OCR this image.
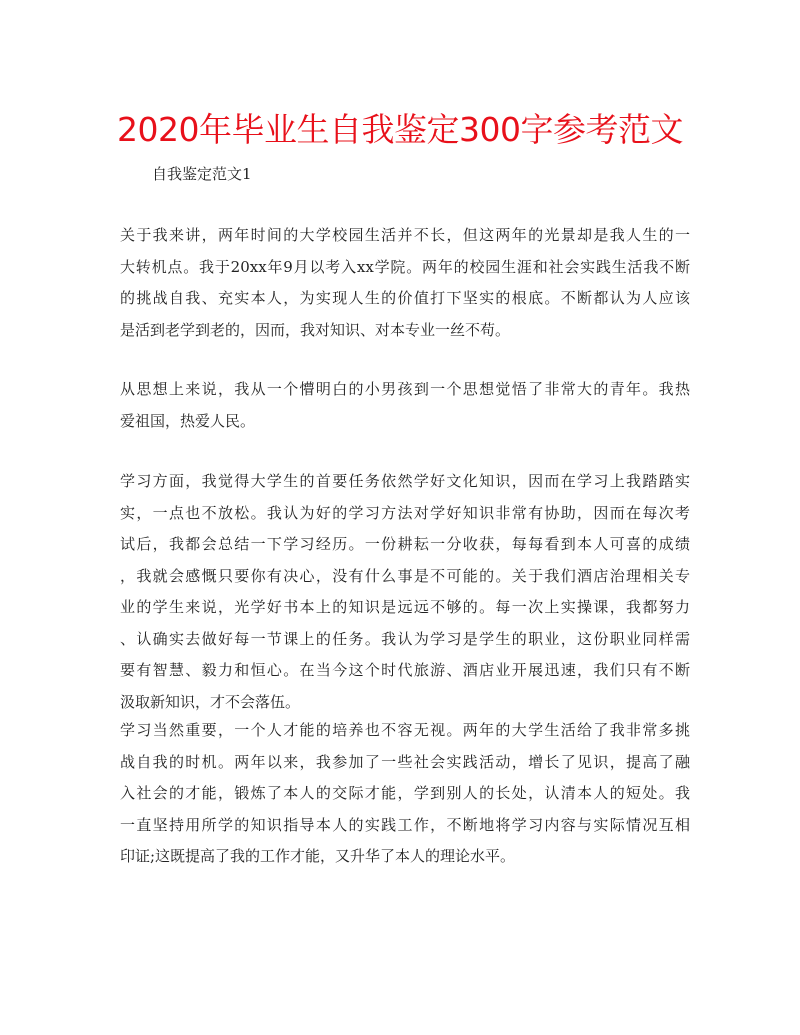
2020年毕业生自我鉴定300字参考范文
自我鉴定范文1

关于我来讲，两年时间的大学校园生活并不长，但这两年的光景却是我人生的一
大转机点。我于20xx年9月以考入xx学院。两年的校园生涯和社会实践生活我不断
的挑战自我、充实本人，为实现人生的价值打下坚实的根底。不断都认为人应该
是活到老学到老的，因而，我对知识、对本专业一丝不苟。

从思想上来说，我从一个懵明白的小男孩到一个思想觉悟了非常大的青年。我热
爱祖国，热爱人民。

学习方面，我觉得大学生的首要任务依然学好文化知识，因而在学习上我踏踏实
实，一点也不放松。我认为好的学习方法对学好知识非常有协助，因而在每次考
试后，我都会总结一下学习经历。一份耕耘一分收获，每每看到本人可喜的成绩
，我就会感慨只要你有决心，没有什么事是不可能的。关于我们酒店治理相关专
业的学生来说，光学好书本上的知识是远远不够的。每一次上实操课，我都努力
、认确实去做好每一节课上的任务。我认为学习是学生的职业，这份职业同样需
要有智慧、毅力和恒心。在当今这个时代旅游、酒店业开展迅速，我们只有不断
汲取新知识，才不会落伍。

学习当然重要，一个人才能的培养也不容无视。两年的大学生活给了我非常多挑
战自我的时机。两年以来，我参加了一些社会实践活动，增长了见识，提高了融
入社会的才能，锻炼了本人的交际才能，学到别人的长处，认清本人的短处。我
一直坚持用所学的知识指导本人的实践工作，不断地将学习内容与实际情况互相
印证;这既提高了我的工作才能，又升华了本人的理论水平。
